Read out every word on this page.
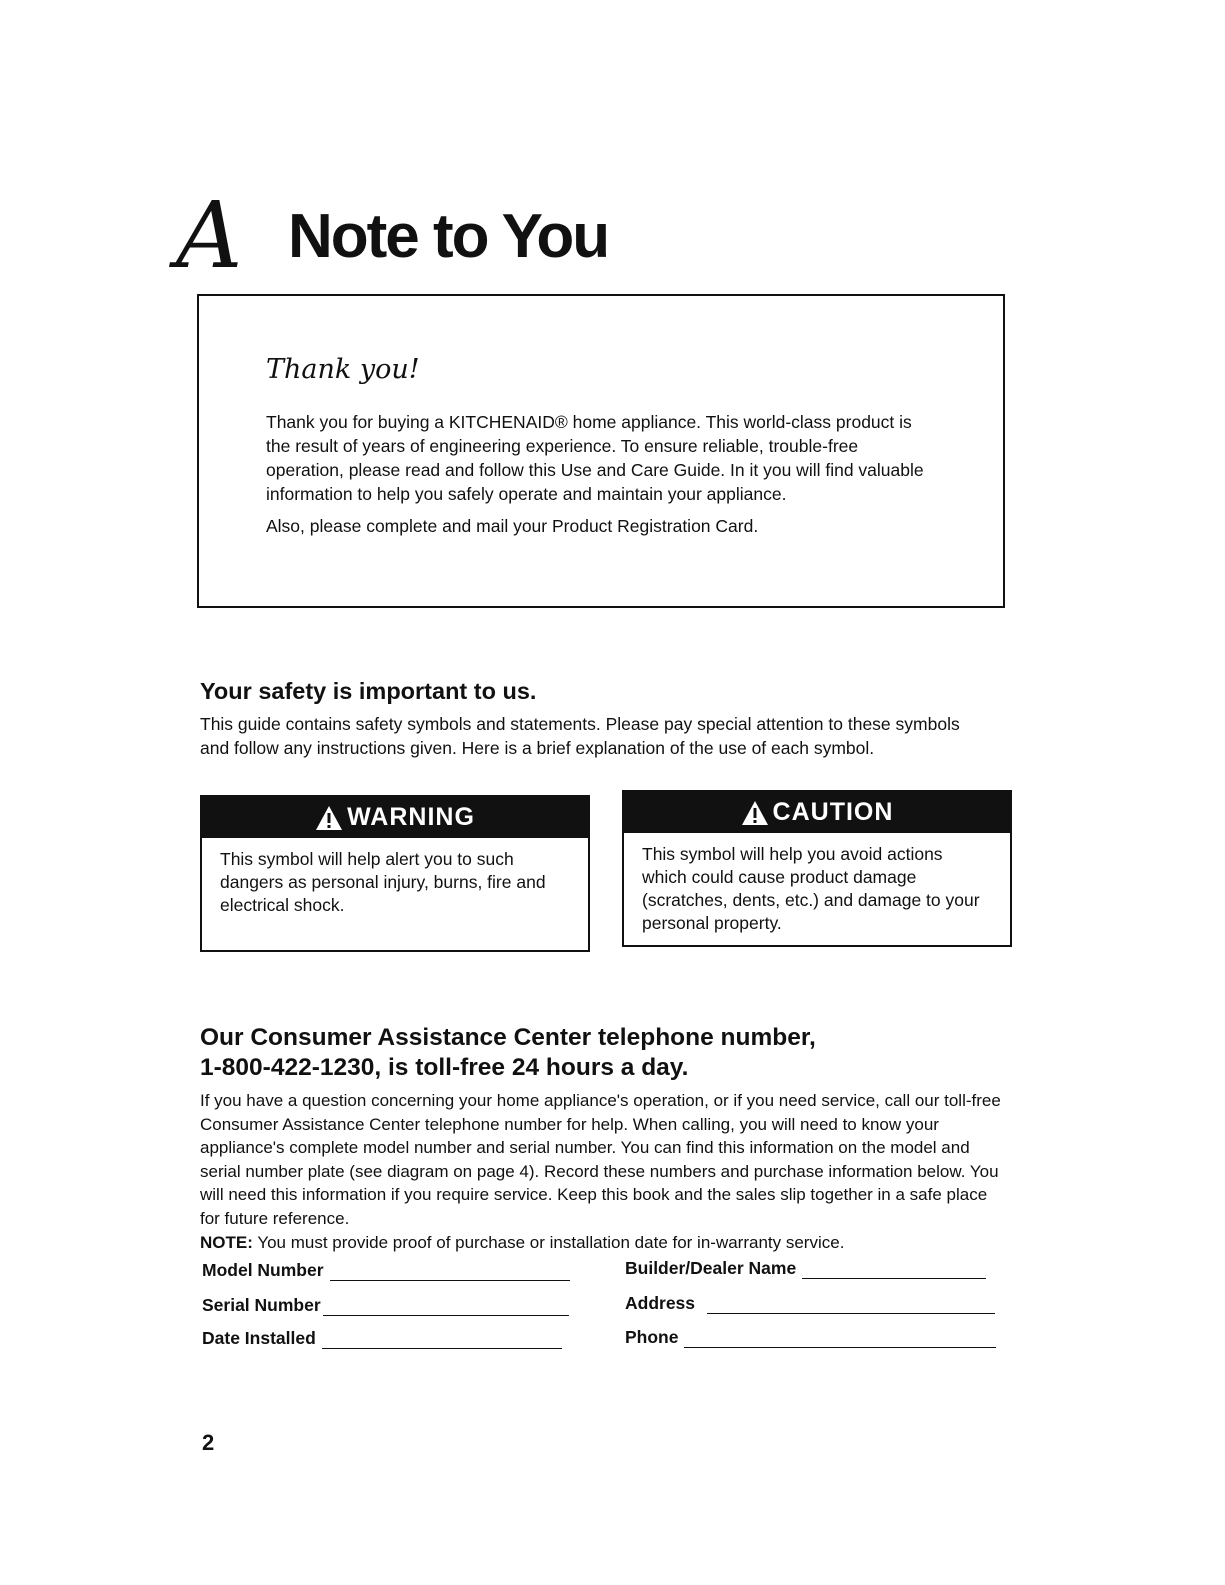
A Note to You
Thank you!

Thank you for buying a KITCHENAID® home appliance. This world-class product is the result of years of engineering experience. To ensure reliable, trouble-free operation, please read and follow this Use and Care Guide. In it you will find valuable information to help you safely operate and maintain your appliance.

Also, please complete and mail your Product Registration Card.

Your safety is important to us.
This guide contains safety symbols and statements. Please pay special attention to these symbols and follow any instructions given. Here is a brief explanation of the use of each symbol.
WARNING
This symbol will help alert you to such dangers as personal injury, burns, fire and electrical shock.
CAUTION
This symbol will help you avoid actions which could cause product damage (scratches, dents, etc.) and damage to your personal property.
Our Consumer Assistance Center telephone number,
1-800-422-1230, is toll-free 24 hours a day.
If you have a question concerning your home appliance's operation, or if you need service, call our toll-free Consumer Assistance Center telephone number for help. When calling, you will need to know your appliance's complete model number and serial number. You can find this information on the model and serial number plate (see diagram on page 4). Record these numbers and purchase information below. You will need this information if you require service. Keep this book and the sales slip together in a safe place for future reference.
NOTE: You must provide proof of purchase or installation date for in-warranty service.
Model Number
Serial Number
Date Installed
Builder/Dealer Name
Address
Phone
2
